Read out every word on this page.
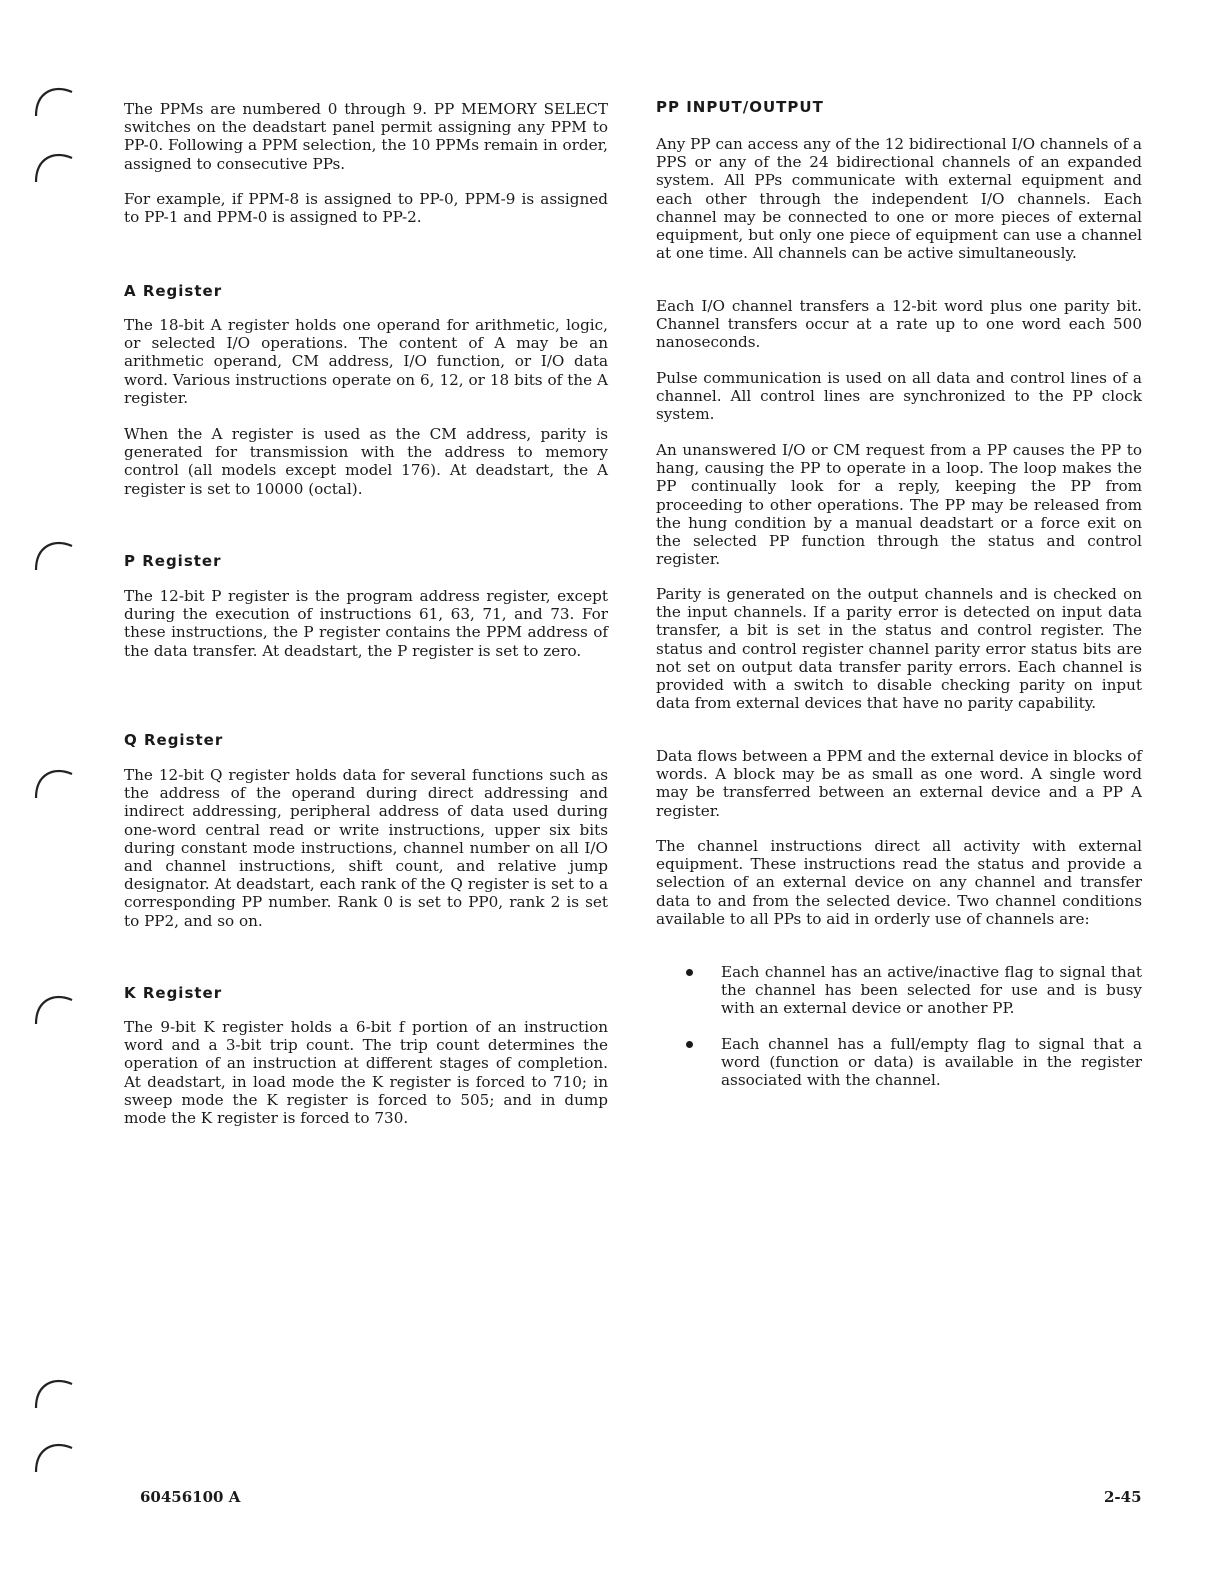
The PPMs are numbered 0 through 9. PP MEMORY SELECT switches on the deadstart panel permit assigning any PPM to PP-0. Following a PPM selection, the 10 PPMs remain in order, assigned to consecutive PPs.

For example, if PPM-8 is assigned to PP-0, PPM-9 is assigned to PP-1 and PPM-0 is assigned to PP-2.

A Register

The 18-bit A register holds one operand for arithmetic, logic, or selected I/O operations. The content of A may be an arithmetic operand, CM address, I/O function, or I/O data word. Various instructions operate on 6, 12, or 18 bits of the A register.

When the A register is used as the CM address, parity is generated for transmission with the address to memory control (all models except model 176). At deadstart, the A register is set to 10000 (octal).

P Register

The 12-bit P register is the program address register, except during the execution of instructions 61, 63, 71, and 73. For these instructions, the P register contains the PPM address of the data transfer. At deadstart, the P register is set to zero.

Q Register

The 12-bit Q register holds data for several functions such as the address of the operand during direct addressing and indirect addressing, peripheral address of data used during one-word central read or write instructions, upper six bits during constant mode instructions, channel number on all I/O and channel instructions, shift count, and relative jump designator. At deadstart, each rank of the Q register is set to a corresponding PP number. Rank 0 is set to PP0, rank 2 is set to PP2, and so on.

K Register

The 9-bit K register holds a 6-bit f portion of an instruction word and a 3-bit trip count. The trip count determines the operation of an instruction at different stages of completion. At deadstart, in load mode the K register is forced to 710; in sweep mode the K register is forced to 505; and in dump mode the K register is forced to 730.

PP INPUT/OUTPUT

Any PP can access any of the 12 bidirectional I/O channels of a PPS or any of the 24 bidirectional channels of an expanded system. All PPs communicate with external equipment and each other through the independent I/O channels. Each channel may be connected to one or more pieces of external equipment, but only one piece of equipment can use a channel at one time. All channels can be active simultaneously.

Each I/O channel transfers a 12-bit word plus one parity bit. Channel transfers occur at a rate up to one word each 500 nanoseconds.

Pulse communication is used on all data and control lines of a channel. All control lines are synchronized to the PP clock system.

An unanswered I/O or CM request from a PP causes the PP to hang, causing the PP to operate in a loop. The loop makes the PP continually look for a reply, keeping the PP from proceeding to other operations. The PP may be released from the hung condition by a manual deadstart or a force exit on the selected PP function through the status and control register.

Parity is generated on the output channels and is checked on the input channels. If a parity error is detected on input data transfer, a bit is set in the status and control register. The status and control register channel parity error status bits are not set on output data transfer parity errors. Each channel is provided with a switch to disable checking parity on input data from external devices that have no parity capability.

Data flows between a PPM and the external device in blocks of words. A block may be as small as one word. A single word may be transferred between an external device and a PP A register.

The channel instructions direct all activity with external equipment. These instructions read the status and provide a selection of an external device on any channel and transfer data to and from the selected device. Two channel conditions available to all PPs to aid in orderly use of channels are:

Each channel has an active/inactive flag to signal that the channel has been selected for use and is busy with an external device or another PP.

Each channel has a full/empty flag to signal that a word (function or data) is available in the register associated with the channel.

60456100 A	2-45
